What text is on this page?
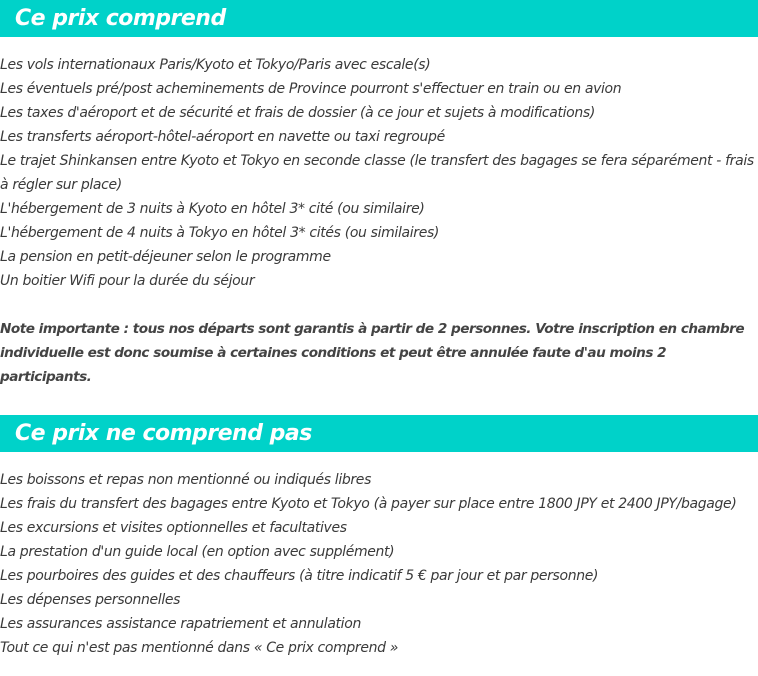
Ce prix comprend

Les vols internationaux Paris/Kyoto et Tokyo/Paris avec escale(s)

Les éventuels pré/post acheminements de Province pourront s'effectuer en train ou en avion

Les taxes d'aéroport et de sécurité et frais de dossier (à ce jour et sujets à modifications)

Les transferts aéroport-hôtel-aéroport en navette ou taxi regroupé

Le trajet Shinkansen entre Kyoto et Tokyo en seconde classe (le transfert des bagages se fera séparément - frais à régler sur place)

L'hébergement de 3 nuits à Kyoto en hôtel 3* cité (ou similaire)

L'hébergement de 4 nuits à Tokyo en hôtel 3* cités (ou similaires)

La pension en petit-déjeuner selon le programme

Un boitier Wifi pour la durée du séjour

Note importante : tous nos départs sont garantis à partir de 2 personnes. Votre inscription en chambre individuelle est donc soumise à certaines conditions et peut être annulée faute d'au moins 2 participants.

Ce prix ne comprend pas

Les boissons et repas non mentionné ou indiqués libres

Les frais du transfert des bagages entre Kyoto et Tokyo (à payer sur place entre 1800 JPY et 2400 JPY/bagage)

Les excursions et visites optionnelles et facultatives

La prestation d'un guide local (en option avec supplément)

Les pourboires des guides et des chauffeurs (à titre indicatif 5 € par jour et par personne)

Les dépenses personnelles

Les assurances assistance rapatriement et annulation

Tout ce qui n'est pas mentionné dans « Ce prix comprend »
